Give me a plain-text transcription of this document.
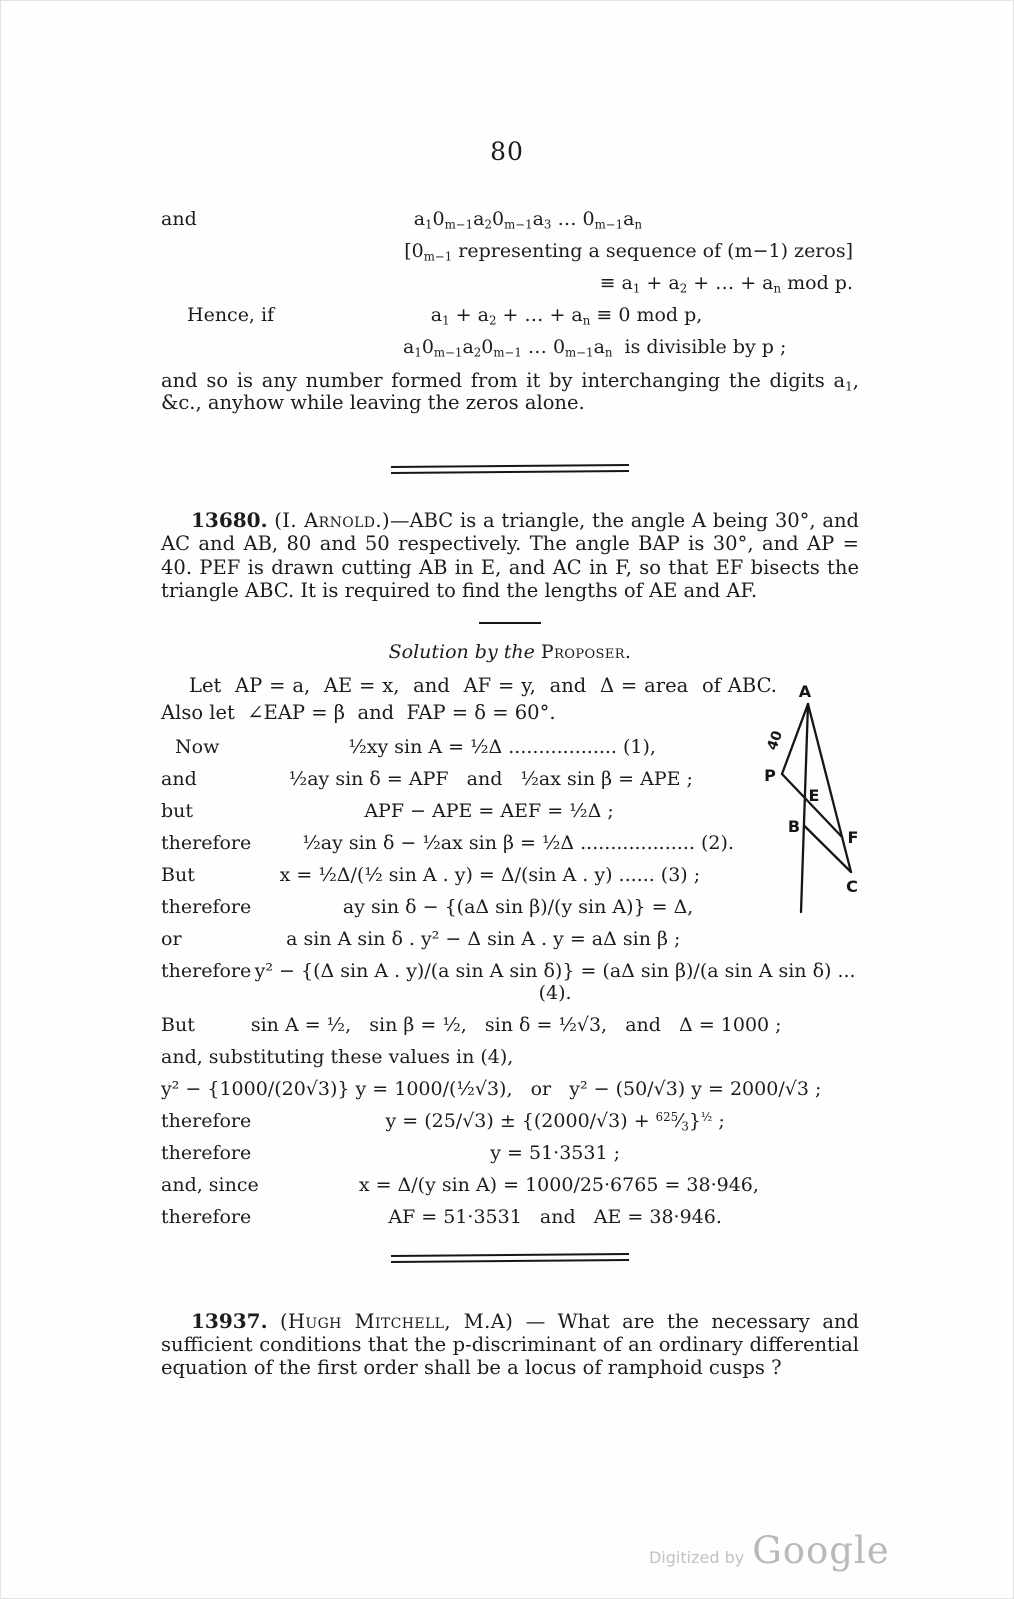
80
and	$a_10_{m-1}a_20_{m-1}a_3$ … $0_{m-1}a_n$
[$0_{m-1}$ representing a sequence of (m−1) zeros]
≡ $a_1 + a_2$ + … + $a_n$ mod p.
Hence, if	$a_1 + a_2$ + … + $a_n \equiv 0$ mod p,
$a_10_{m-1}a_20_{m-1}$ … $0_{m-1}a_n$  is divisible by p ;

and so is any number formed from it by interchanging the digits $a_1$, &c., anyhow while leaving the zeros alone.

13680. (I. Arnold.)—ABC is a triangle, the angle A being 30°, and AC and AB, 80 and 50 respectively. The angle BAP is 30°, and AP = 40. PEF is drawn cutting AB in E, and AC in F, so that EF bisects the triangle ABC. It is required to find the lengths of AE and AF.

Solution by the Proposer.

Let  AP = a,  AE = x,  and  AF = y,  and  Δ = area  of ABC.   Also let  ∠EAP = β  and  FAP = δ = 60°.

Now	½xy sin A = ½Δ .................. (1),
and	½ay sin δ = APF   and   ½ax sin β = APE ;
but	APF − APE = AEF = ½Δ ;
therefore	½ay sin δ − ½ax sin β = ½Δ ................... (2).
But	x = ½Δ/(½ sin A . y) = Δ/(sin A . y) ...... (3) ;
therefore	ay sin δ − {(aΔ sin β)/(y sin A)} = Δ,
or	a sin A sin δ . y² − Δ sin A . y = aΔ sin β ;
therefore y² − {(Δ sin A . y)/(a sin A sin δ)} = (aΔ sin β)/(a sin A sin δ) ... (4).
But	sin A = ½,   sin β = ½,   sin δ = ½√3,   and   Δ = 1000 ;
and, substituting these values in (4),
y² − {1000/(20√3)} y = 1000/(½√3),   or   y² − (50/√3) y = 2000/√3 ;
therefore	$y = (25/√3) \pm \{(2000/√3) + ^{625}⁄_3\}^{\frac{1}{2}}$ ;
therefore	y = 51·3531 ;
and, since	x = Δ/(y sin A) = 1000/25·6765 = 38·946,
therefore	AF = 51·3531   and   AE = 38·946.

13937. (Hugh Mitchell, M.A) — What are the necessary and sufficient conditions that the p-discriminant of an ordinary differential equation of the first order shall be a locus of ramphoid cusps ?

A
40
P
E
B
F
C
Digitized by Google
